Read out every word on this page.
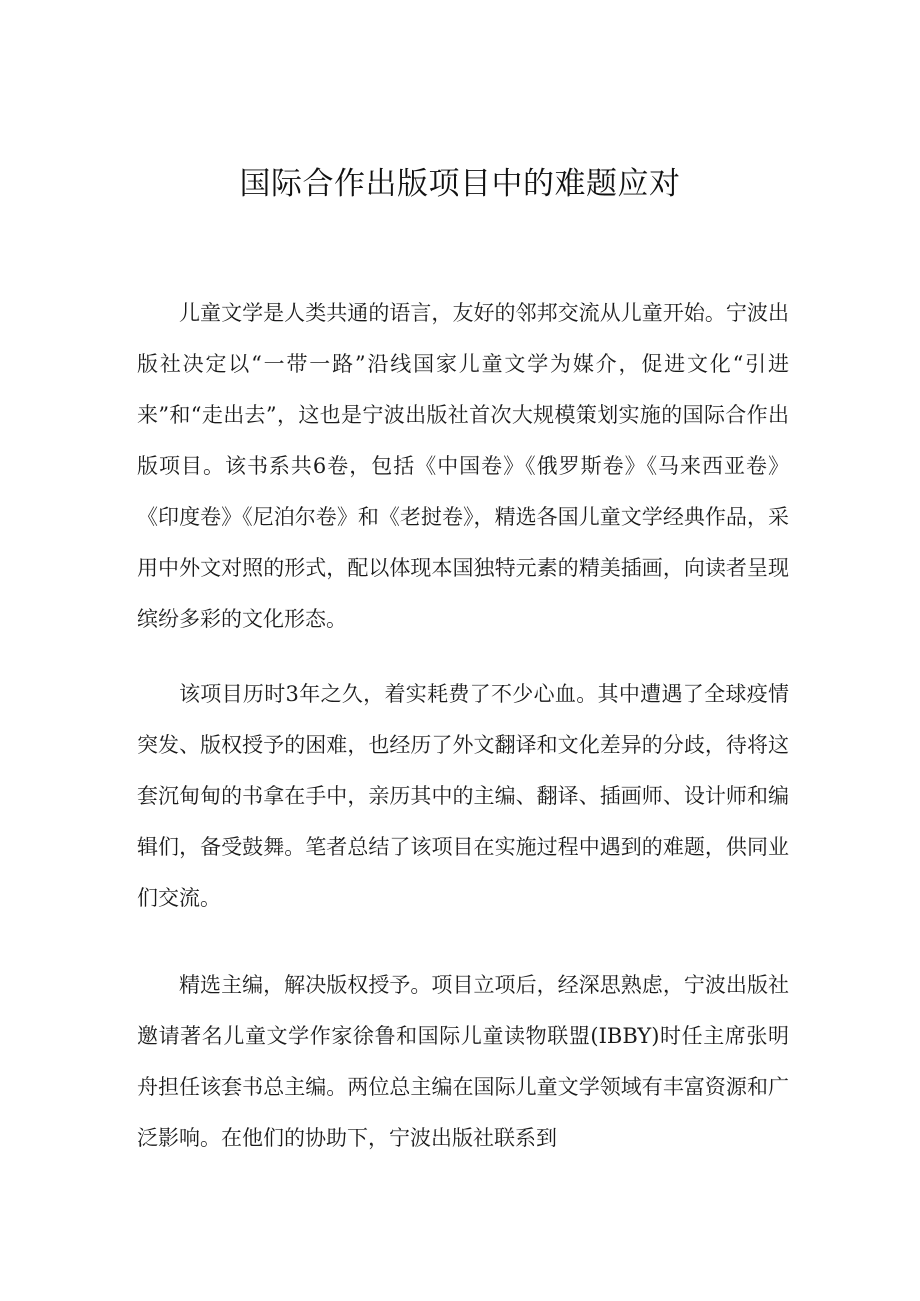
国际合作出版项目中的难题应对

儿童文学是人类共通的语言，友好的邻邦交流从儿童开始。宁波出版社决定以“一带一路”沿线国家儿童文学为媒介，促进文化“引进来”和“走出去”，这也是宁波出版社首次大规模策划实施的国际合作出版项目。该书系共6卷，包括《中国卷》《俄罗斯卷》《马来西亚卷》《印度卷》《尼泊尔卷》和《老挝卷》，精选各国儿童文学经典作品，采用中外文对照的形式，配以体现本国独特元素的精美插画，向读者呈现缤纷多彩的文化形态。

该项目历时3年之久，着实耗费了不少心血。其中遭遇了全球疫情突发、版权授予的困难，也经历了外文翻译和文化差异的分歧，待将这套沉甸甸的书拿在手中，亲历其中的主编、翻译、插画师、设计师和编辑们，备受鼓舞。笔者总结了该项目在实施过程中遇到的难题，供同业们交流。

精选主编，解决版权授予。项目立项后，经深思熟虑，宁波出版社邀请著名儿童文学作家徐鲁和国际儿童读物联盟(IBBY)时任主席张明舟担任该套书总主编。两位总主编在国际儿童文学领域有丰富资源和广泛影响。在他们的协助下，宁波出版社联系到
